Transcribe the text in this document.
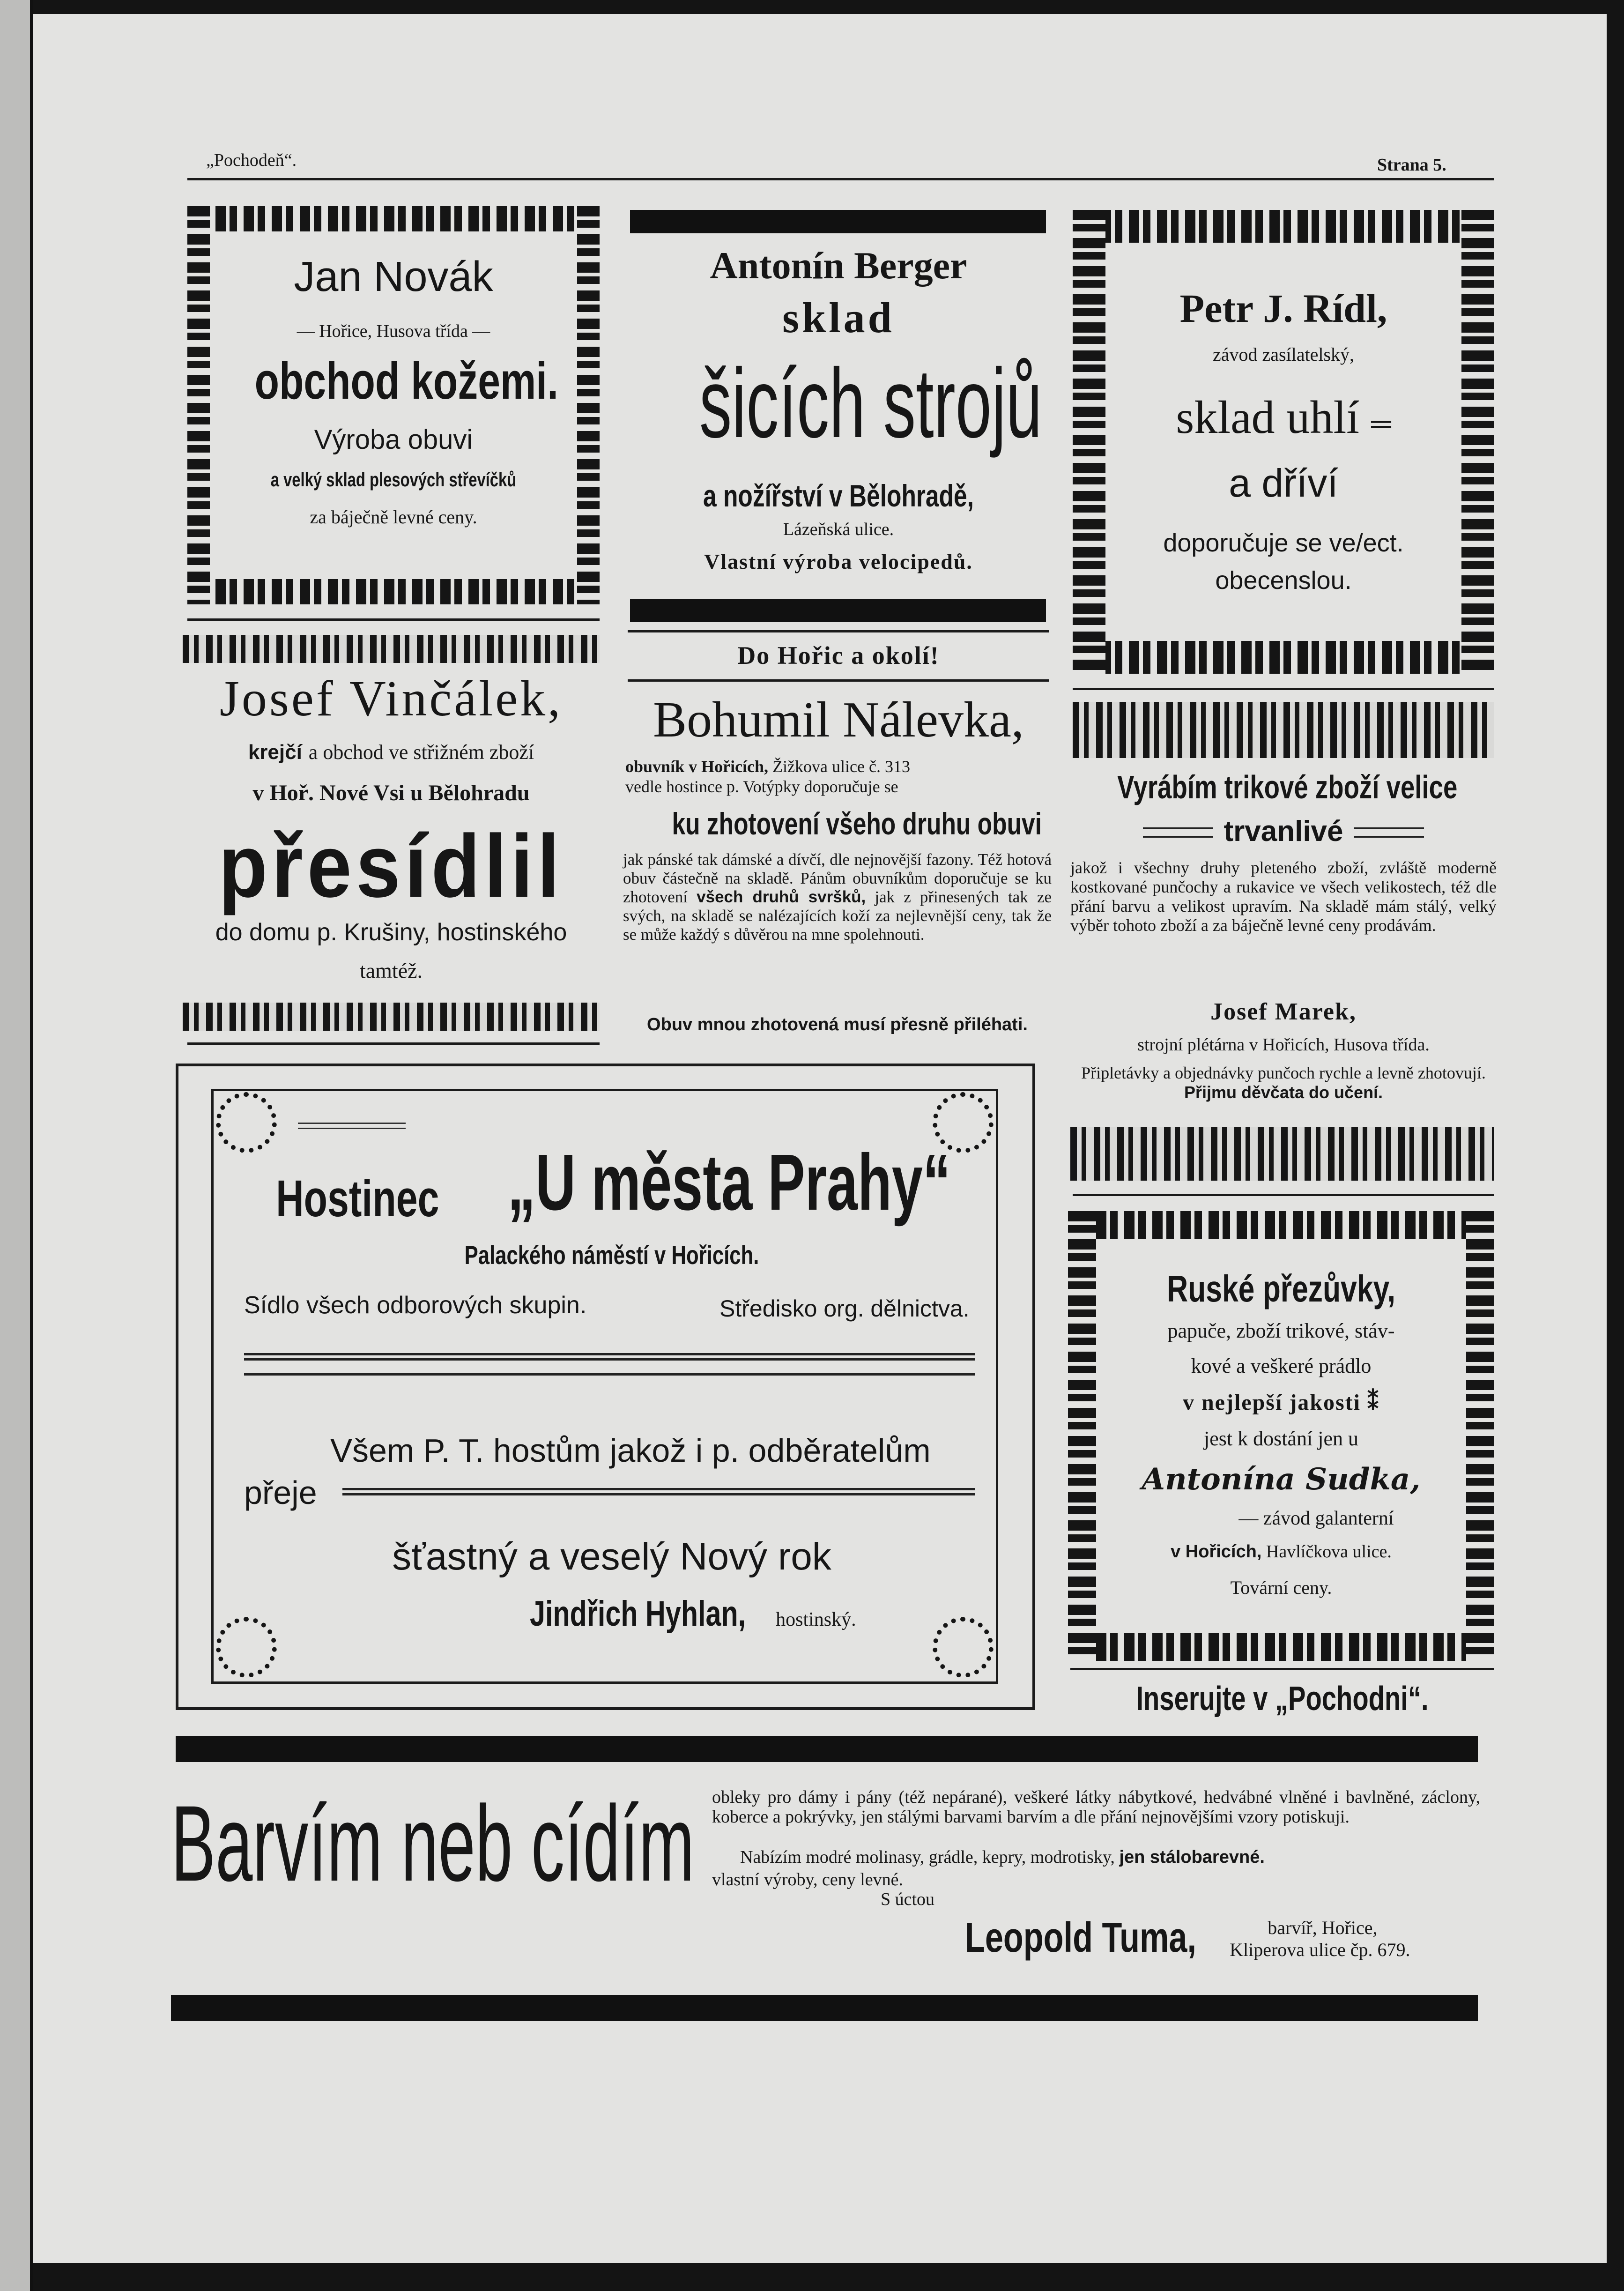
„Pochodeň“.	Strana 5.
Jan Novák
— Hořice, Husova třída —
obchod kožemi.
Výroba obuvi
a velký sklad plesových střevíčků
za báječně levné ceny.
Josef Vinčálek,
krejčí a obchod ve střižném zboží
v Hoř. Nové Vsi u Bělohradu
přesídlil
do domu p. Krušiny, hostinského
tamtéž.
Antonín Berger
sklad
šicích strojů
a nožířství v Bělohradě,
Lázeňská ulice.
Vlastní výroba velocipedů.
Do Hořic a okolí!
Bohumil Nálevka,
obuvník v Hořicích, Žižkova ulice č. 313
vedle hostince p. Votýpky doporučuje se
ku zhotovení všeho druhu obuvi
jak pánské tak dámské a dívčí, dle nejnovější fazony. Též hotová obuv částečně na skladě. Pánům obuvníkům doporučuje se ku zhotovení všech druhů svršků, jak z přinesených tak ze svých, na skladě se nalézajících koží za nejlevnější ceny, tak že se může každý s důvěrou na mne spolehnouti.
Obuv mnou zhotovená musí přesně přiléhati.
Petr J. Rídl,
závod zasílatelský,
sklad uhlí ═
a dříví
doporučuje se ve/ect.
obecenslou.
Vyrábím trikové zboží velice
trvanlivé
jakož i všechny druhy pleteného zboží, zvláště moderně kostkované punčochy a rukavice ve všech velikostech, též dle přání barvu a velikost upravím. Na skladě mám stálý, velký výběr tohoto zboží a za báječně levné ceny prodávám.
Josef Marek,
strojní plétárna v Hořicích, Husova třída.
Připletávky a objednávky punčoch rychle a levně zhotovují. Přijmu děvčata do učení.
Ruské přezůvky,
papuče, zboží trikové, stáv-
kové a veškeré prádlo
v nejlepší jakosti ⁑
jest k dostání jen u
Antonína Sudka,
— závod galanterní
v Hořicích, Havlíčkova ulice.
Tovární ceny.
Inserujte v „Pochodni“.
Hostinec „U města Prahy“
Palackého náměstí v Hořicích.
Sídlo všech odborových skupin.	Středisko org. dělnictva.
Všem P. T. hostům jakož i p. odběratelům
přeje
šťastný a veselý Nový rok
Jindřich Hyhlan, hostinský.
Barvím neb cídím obleky pro dámy i pány (též nepárané), veškeré látky nábytkové, hedvábné vlněné i bavlněné, záclony, koberce a pokrývky, jen stálými barvami barvím a dle přání nejnovějšími vzory potiskuji.
Nabízím modré molinasy, grádle, kepry, modrotisky, jen stálobarevné.
vlastní výroby, ceny levné.
S úctou
Leopold Tuma,	barvíř, Hořice,
Kliperova ulice čp. 679.
